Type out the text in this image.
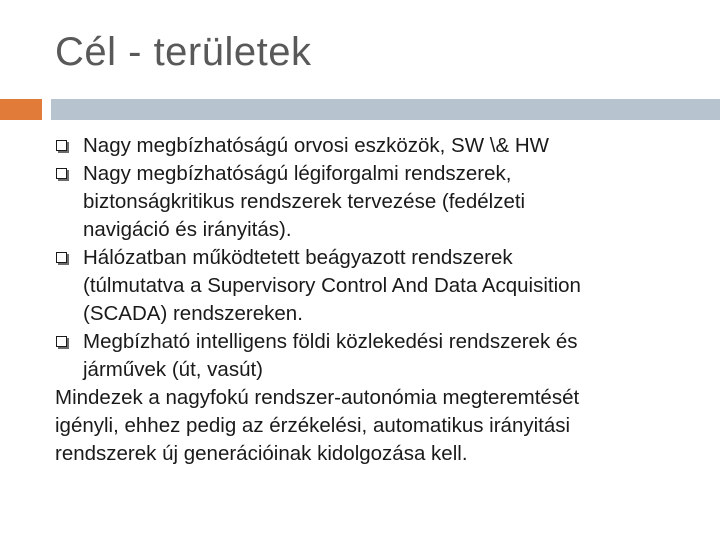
Cél - területek
Nagy megbízhatóságú orvosi eszközök, SW \& HW
Nagy megbízhatóságú légiforgalmi rendszerek,
biztonságkritikus rendszerek tervezése (fedélzeti
navigáció és irányitás).
Hálózatban működtetett beágyazott rendszerek
(túlmutatva a Supervisory Control And Data Acquisition
(SCADA) rendszereken.
Megbízható intelligens földi közlekedési rendszerek és
járművek (út, vasút)
Mindezek a nagyfokú rendszer-autonómia megteremtését
igényli, ehhez pedig az érzékelési, automatikus irányitási
rendszerek új generációinak kidolgozása kell.
